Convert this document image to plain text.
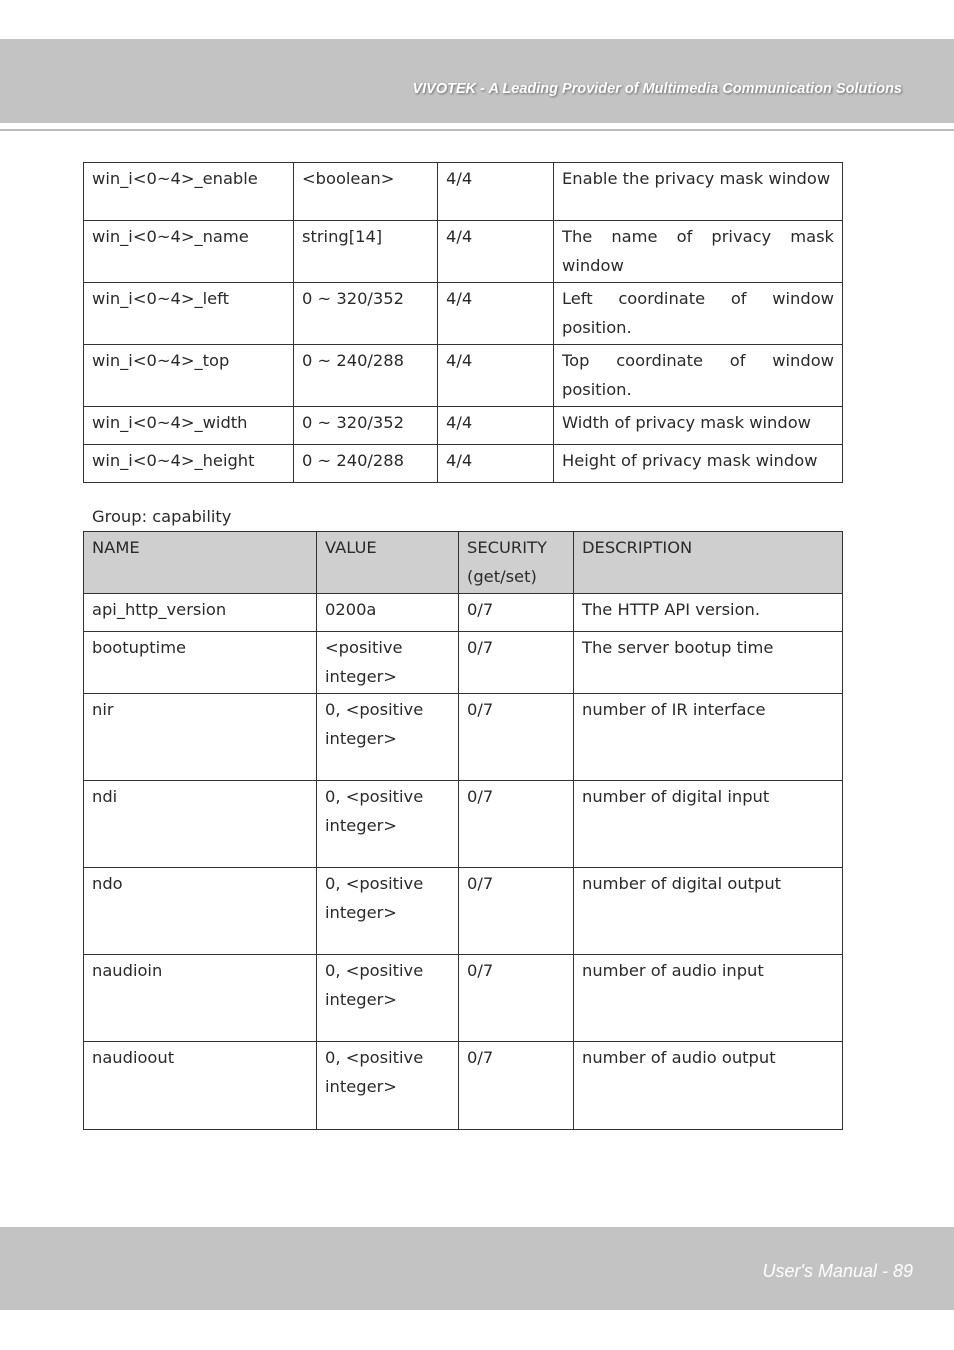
VIVOTEK - A Leading Provider of Multimedia Communication Solutions
win_i<0~4>_enable	<boolean>	4/4	Enable the privacy mask window
win_i<0~4>_name	string[14]	4/4	The name of privacy mask window
win_i<0~4>_left	0 ~ 320/352	4/4	Left coordinate of window position.
win_i<0~4>_top	0 ~ 240/288	4/4	Top coordinate of window position.
win_i<0~4>_width	0 ~ 320/352	4/4	Width of privacy mask window
win_i<0~4>_height	0 ~ 240/288	4/4	Height of privacy mask window
Group: capability
NAME	VALUE	SECURITY (get/set)	DESCRIPTION
api_http_version	0200a	0/7	The HTTP API version.
bootuptime	<positive integer>	0/7	The server bootup time
nir	0, <positive integer>	0/7	number of IR interface
ndi	0, <positive integer>	0/7	number of digital input
ndo	0, <positive integer>	0/7	number of digital output
naudioin	0, <positive integer>	0/7	number of audio input
naudioout	0, <positive integer>	0/7	number of audio output
User's Manual - 89
